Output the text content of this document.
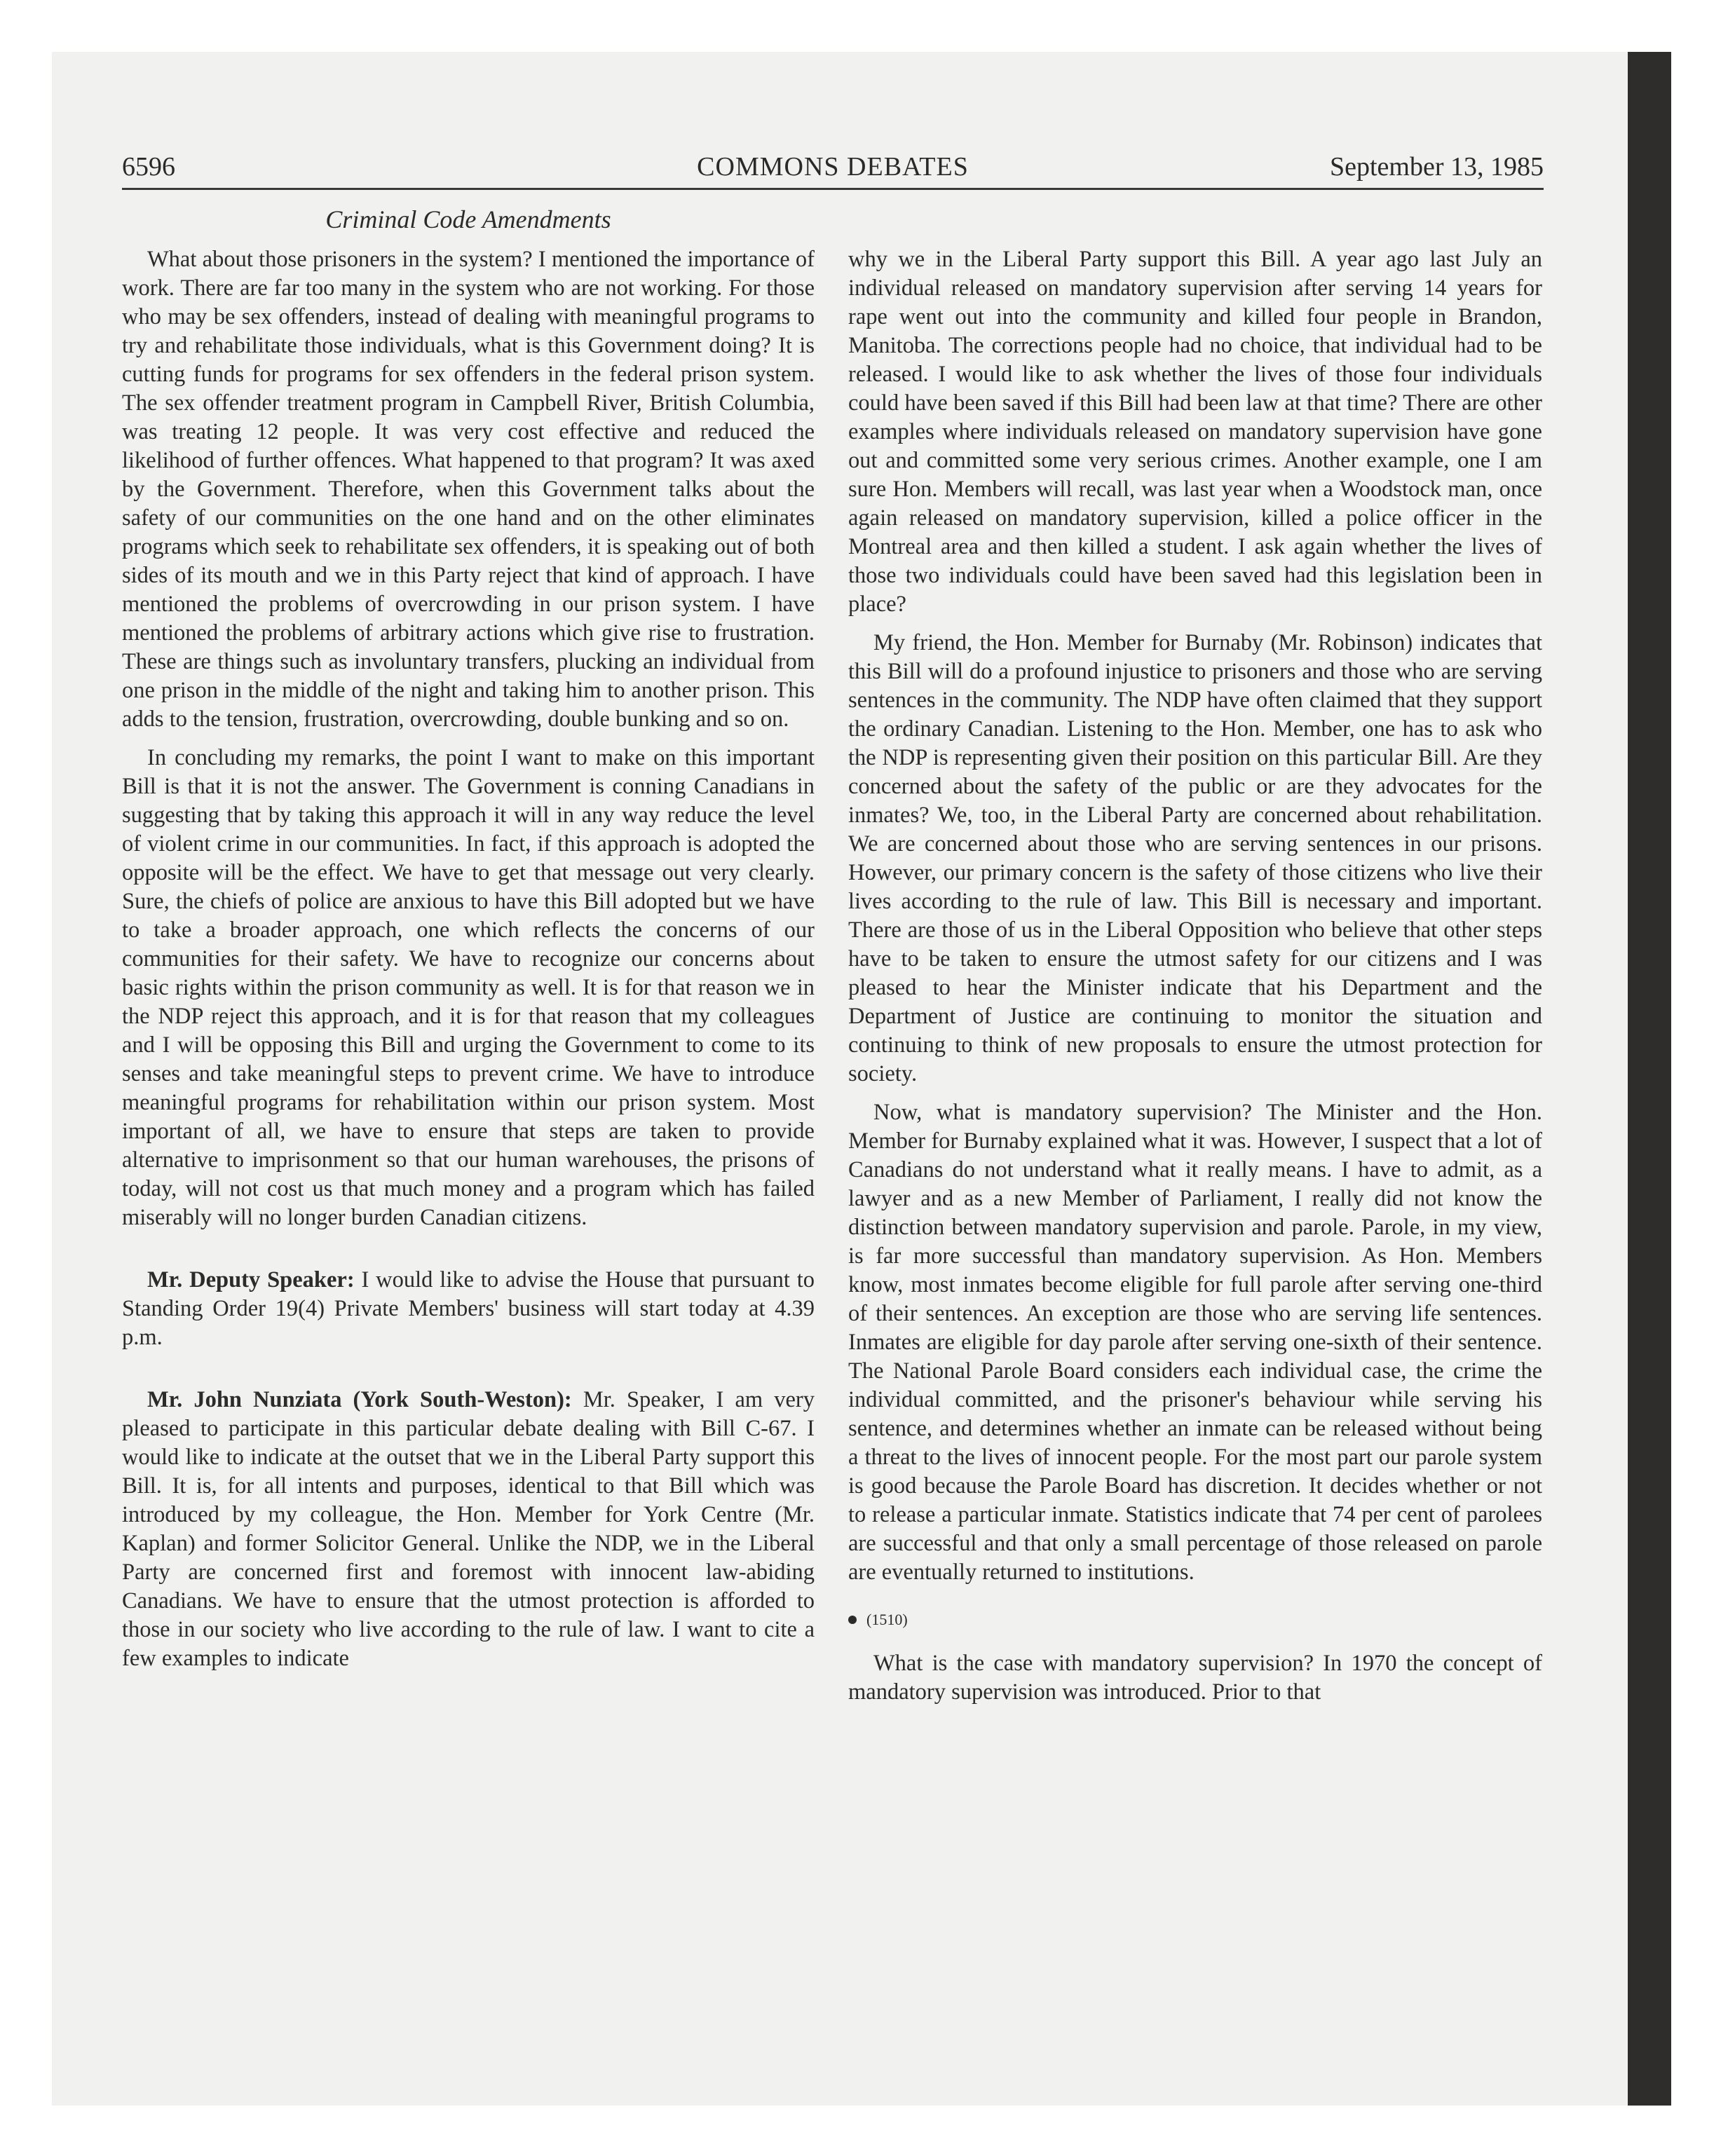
6596	COMMONS DEBATES	September 13, 1985
Criminal Code Amendments

What about those prisoners in the system? I mentioned the importance of work. There are far too many in the system who are not working. For those who may be sex offenders, instead of dealing with meaningful programs to try and rehabilitate those individuals, what is this Government doing? It is cutting funds for programs for sex offenders in the federal prison system. The sex offender treatment program in Campbell River, British Columbia, was treating 12 people. It was very cost effective and reduced the likelihood of further offences. What happened to that program? It was axed by the Government. Therefore, when this Government talks about the safety of our communities on the one hand and on the other eliminates programs which seek to rehabilitate sex offenders, it is speaking out of both sides of its mouth and we in this Party reject that kind of approach. I have mentioned the problems of overcrowding in our prison system. I have mentioned the problems of arbitrary actions which give rise to frustration. These are things such as involuntary transfers, plucking an individual from one prison in the middle of the night and taking him to another prison. This adds to the tension, frustration, overcrowding, double bunking and so on.

In concluding my remarks, the point I want to make on this important Bill is that it is not the answer. The Government is conning Canadians in suggesting that by taking this approach it will in any way reduce the level of violent crime in our communities. In fact, if this approach is adopted the opposite will be the effect. We have to get that message out very clearly. Sure, the chiefs of police are anxious to have this Bill adopted but we have to take a broader approach, one which reflects the concerns of our communities for their safety. We have to recognize our concerns about basic rights within the prison community as well. It is for that reason we in the NDP reject this approach, and it is for that reason that my colleagues and I will be opposing this Bill and urging the Government to come to its senses and take meaningful steps to prevent crime. We have to introduce meaningful programs for rehabilitation within our prison system. Most important of all, we have to ensure that steps are taken to provide alternative to imprisonment so that our human warehouses, the prisons of today, will not cost us that much money and a program which has failed miserably will no longer burden Canadian citizens.

Mr. Deputy Speaker: I would like to advise the House that pursuant to Standing Order 19(4) Private Members' business will start today at 4.39 p.m.

Mr. John Nunziata (York South-Weston): Mr. Speaker, I am very pleased to participate in this particular debate dealing with Bill C-67. I would like to indicate at the outset that we in the Liberal Party support this Bill. It is, for all intents and purposes, identical to that Bill which was introduced by my colleague, the Hon. Member for York Centre (Mr. Kaplan) and former Solicitor General. Unlike the NDP, we in the Liberal Party are concerned first and foremost with innocent law-abiding Canadians. We have to ensure that the utmost protection is afforded to those in our society who live according to the rule of law. I want to cite a few examples to indicate

why we in the Liberal Party support this Bill. A year ago last July an individual released on mandatory supervision after serving 14 years for rape went out into the community and killed four people in Brandon, Manitoba. The corrections people had no choice, that individual had to be released. I would like to ask whether the lives of those four individuals could have been saved if this Bill had been law at that time? There are other examples where individuals released on mandatory supervision have gone out and committed some very serious crimes. Another example, one I am sure Hon. Members will recall, was last year when a Woodstock man, once again released on mandatory supervision, killed a police officer in the Montreal area and then killed a student. I ask again whether the lives of those two individuals could have been saved had this legislation been in place?

My friend, the Hon. Member for Burnaby (Mr. Robinson) indicates that this Bill will do a profound injustice to prisoners and those who are serving sentences in the community. The NDP have often claimed that they support the ordinary Canadian. Listening to the Hon. Member, one has to ask who the NDP is representing given their position on this particular Bill. Are they concerned about the safety of the public or are they advocates for the inmates? We, too, in the Liberal Party are concerned about rehabilitation. We are concerned about those who are serving sentences in our prisons. However, our primary concern is the safety of those citizens who live their lives according to the rule of law. This Bill is necessary and important. There are those of us in the Liberal Opposition who believe that other steps have to be taken to ensure the utmost safety for our citizens and I was pleased to hear the Minister indicate that his Department and the Department of Justice are continuing to monitor the situation and continuing to think of new proposals to ensure the utmost protection for society.

Now, what is mandatory supervision? The Minister and the Hon. Member for Burnaby explained what it was. However, I suspect that a lot of Canadians do not understand what it really means. I have to admit, as a lawyer and as a new Member of Parliament, I really did not know the distinction between mandatory supervision and parole. Parole, in my view, is far more successful than mandatory supervision. As Hon. Members know, most inmates become eligible for full parole after serving one-third of their sentences. An exception are those who are serving life sentences. Inmates are eligible for day parole after serving one-sixth of their sentence. The National Parole Board considers each individual case, the crime the individual committed, and the prisoner's behaviour while serving his sentence, and determines whether an inmate can be released without being a threat to the lives of innocent people. For the most part our parole system is good because the Parole Board has discretion. It decides whether or not to release a particular inmate. Statistics indicate that 74 per cent of parolees are successful and that only a small percentage of those released on parole are eventually returned to institutions.

(1510)

What is the case with mandatory supervision? In 1970 the concept of mandatory supervision was introduced. Prior to that
